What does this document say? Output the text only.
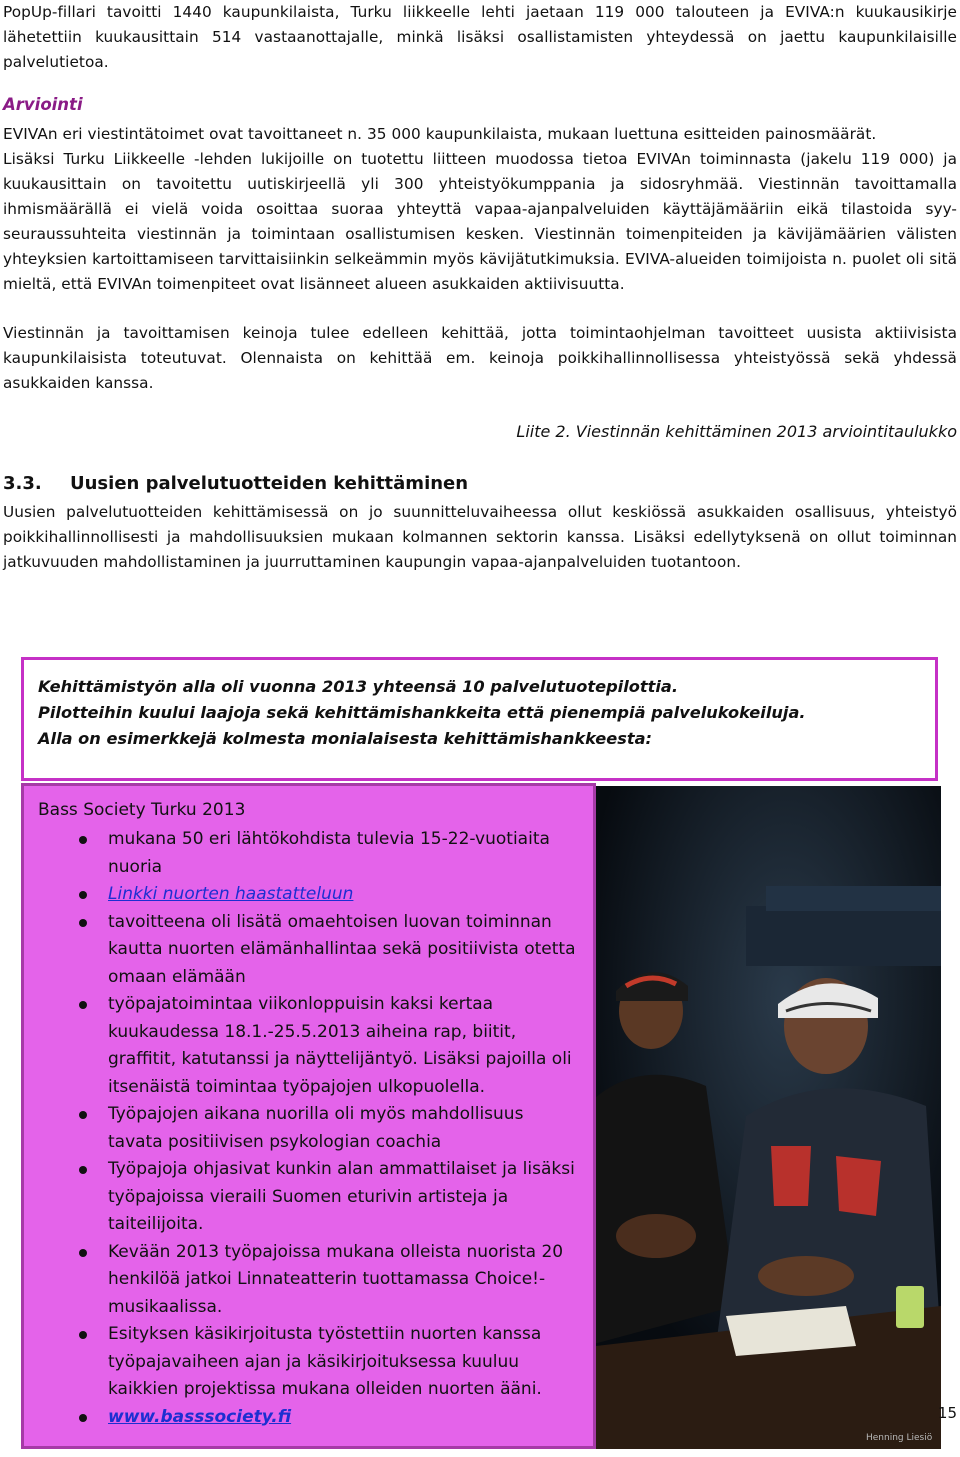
PopUp-fillari tavoitti 1440 kaupunkilaista, Turku liikkeelle lehti jaetaan 119 000 talouteen ja EVIVA:n kuukausikirje lähetettiin kuukausittain 514 vastaanottajalle, minkä lisäksi osallistamisten yhteydessä on jaettu kaupunkilaisille palvelutietoa.

Arviointi

EVIVAn eri viestintätoimet ovat tavoittaneet n. 35 000 kaupunkilaista, mukaan luettuna esitteiden painosmäärät.

Lisäksi Turku Liikkeelle -lehden lukijoille on tuotettu liitteen muodossa tietoa EVIVAn toiminnasta (jakelu 119 000) ja kuukausittain on tavoitettu uutiskirjeellä yli 300 yhteistyökumppania ja sidosryhmää. Viestinnän tavoittamalla ihmismäärällä ei vielä voida osoittaa suoraa yhteyttä vapaa-ajanpalveluiden käyttäjämääriin eikä tilastoida syy-seuraussuhteita viestinnän ja toimintaan osallistumisen kesken. Viestinnän toimenpiteiden ja kävijämäärien välisten yhteyksien kartoittamiseen tarvittaisiinkin selkeämmin myös kävijätutkimuksia. EVIVA-alueiden toimijoista n. puolet oli sitä mieltä, että EVIVAn toimenpiteet ovat lisänneet alueen asukkaiden aktiivisuutta.

Viestinnän ja tavoittamisen keinoja tulee edelleen kehittää, jotta toimintaohjelman tavoitteet uusista aktiivisista kaupunkilaisista toteutuvat. Olennaista on kehittää em. keinoja poikkihallinnollisessa yhteistyössä sekä yhdessä asukkaiden kanssa.

Liite 2. Viestinnän kehittäminen 2013 arviointitaulukko

3.3.	Uusien palvelutuotteiden kehittäminen

Uusien palvelutuotteiden kehittämisessä on jo suunnitteluvaiheessa ollut keskiössä asukkaiden osallisuus, yhteistyö poikkihallinnollisesti ja mahdollisuuksien mukaan kolmannen sektorin kanssa. Lisäksi edellytyksenä on ollut toiminnan jatkuvuuden mahdollistaminen ja juurruttaminen kaupungin vapaa-ajanpalveluiden tuotantoon.

Kehittämistyön alla oli vuonna 2013 yhteensä 10 palvelutuotepilottia.

Pilotteihin kuului laajoja sekä kehittämishankkeita että pienempiä palvelukokeiluja.

Alla on esimerkkejä kolmesta monialaisesta kehittämishankkeesta:

Bass Society Turku 2013

mukana 50 eri lähtökohdista tulevia 15-22-vuotiaita nuoria
Linkki nuorten haastatteluun
tavoitteena oli lisätä omaehtoisen luovan toiminnan kautta nuorten elämänhallintaa sekä positiivista otetta omaan elämään
työpajatoimintaa viikonloppuisin kaksi kertaa kuukaudessa 18.1.-25.5.2013 aiheina rap, biitit, graffitit, katutanssi ja näyttelijäntyö. Lisäksi pajoilla oli itsenäistä toimintaa työpajojen ulkopuolella.
Työpajojen aikana nuorilla oli myös mahdollisuus tavata positiivisen psykologian coachia
Työpajoja ohjasivat kunkin alan ammattilaiset ja lisäksi työpajoissa vieraili Suomen eturivin artisteja ja taiteilijoita.
Kevään 2013 työpajoissa mukana olleista nuorista 20 henkilöä jatkoi Linnateatterin tuottamassa Choice!-musikaalissa.
Esityksen käsikirjoitusta työstettiin nuorten kanssa työpajavaiheen ajan ja käsikirjoituksessa kuuluu kaikkien projektissa mukana olleiden nuorten ääni.
www.basssociety.fi
Henning Liesiö

15
